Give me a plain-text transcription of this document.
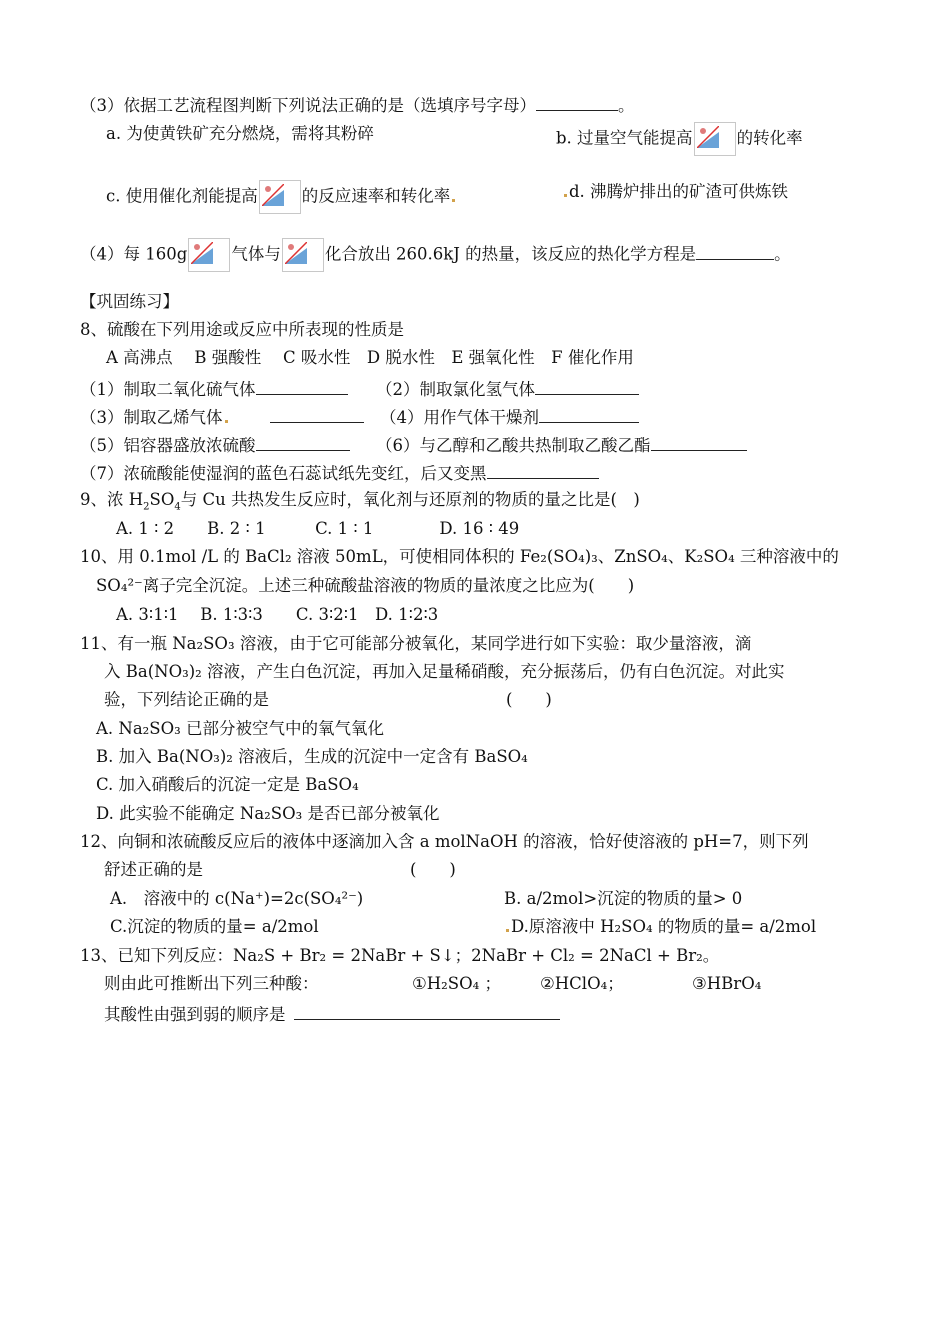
（3）依据工艺流程图判断下列说法正确的是（选填序号字母）	。
a. 为使黄铁矿充分燃烧，需将其粉碎	b. 过量空气能提高	的转化率
c. 使用催化剂能提高	的反应速率和转化率	d. 沸腾炉排出的矿渣可供炼铁
（4）每 160g	气体与	化合放出 260.6kJ 的热量，该反应的热化学方程是	。
【巩固练习】
8、硫酸在下列用途或反应中所表现的性质是
A 高沸点　 B 强酸性　 C 吸水性　D 脱水性　E 强氧化性　F 催化作用
（1）制取二氧化硫气体	（2）制取氯化氢气体
（3）制取乙烯气体	（4）用作气体干燥剂
（5）铝容器盛放浓硫酸	（6）与乙醇和乙酸共热制取乙酸乙酯
（7）浓硫酸能使湿润的蓝色石蕊试纸先变红，后又变黑
9、浓 $H_2SO_4$与 Cu 共热发生反应时，氧化剂与还原剂的物质的量之比是(　)
A. 1 ∶ 2　　B. 2 ∶ 1　　　C. 1 ∶ 1　　　　D. 16 ∶ 49
10、用 0.1mol /L 的 BaCl₂ 溶液 50mL，可使相同体积的 Fe₂(SO₄)₃、ZnSO₄、K₂SO₄ 三种溶液中的
SO₄²⁻离子完全沉淀。上述三种硫酸盐溶液的物质的量浓度之比应为(　　)
A. 3∶1∶1　 B. 1∶3∶3　　C. 3∶2∶1　D. 1∶2∶3
11、有一瓶 Na₂SO₃ 溶液，由于它可能部分被氧化，某同学进行如下实验：取少量溶液，滴
入 Ba(NO₃)₂ 溶液，产生白色沉淀，再加入足量稀硝酸，充分振荡后，仍有白色沉淀。对此实
验，下列结论正确的是	(　　)
A. Na₂SO₃ 已部分被空气中的氧气氧化
B. 加入 Ba(NO₃)₂ 溶液后，生成的沉淀中一定含有 BaSO₄
C. 加入硝酸后的沉淀一定是 BaSO₄
D. 此实验不能确定 Na₂SO₃ 是否已部分被氧化
12、向铜和浓硫酸反应后的液体中逐滴加入含 a molNaOH 的溶液，恰好使溶液的 pH=7，则下列
舒述正确的是	(　　)
A.　溶液中的 c(Na⁺)=2c(SO₄²⁻)	B. a/2mol>沉淀的物质的量> 0
C.沉淀的物质的量= a/2mol	D.原溶液中 H₂SO₄ 的物质的量= a/2mol
13、已知下列反应：Na₂S + Br₂ = 2NaBr + S↓；2NaBr + Cl₂ = 2NaCl + Br₂。
则由此可推断出下列三种酸：	①H₂SO₄ ； ②HClO₄；	③HBrO₄
其酸性由强到弱的顺序是
